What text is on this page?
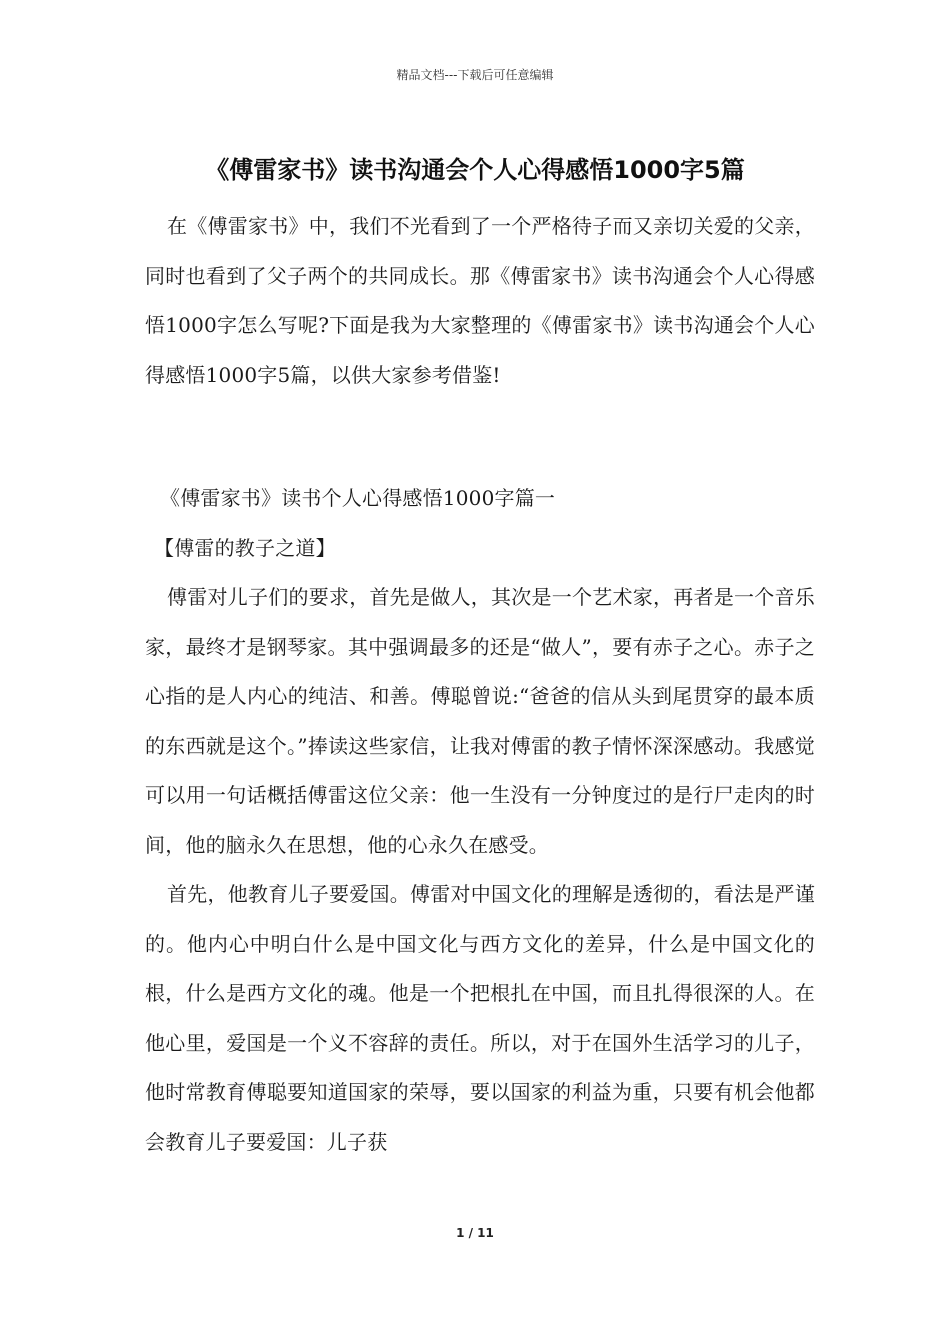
精品文档---下载后可任意编辑
《傅雷家书》读书沟通会个人心得感悟1000字5篇

在《傅雷家书》中，我们不光看到了一个严格待子而又亲切关爱的父亲，同时也看到了父子两个的共同成长。那《傅雷家书》读书沟通会个人心得感悟1000字怎么写呢?下面是我为大家整理的《傅雷家书》读书沟通会个人心得感悟1000字5篇，以供大家参考借鉴!

《傅雷家书》读书个人心得感悟1000字篇一

【傅雷的教子之道】

傅雷对儿子们的要求，首先是做人，其次是一个艺术家，再者是一个音乐家，最终才是钢琴家。其中强调最多的还是“做人”，要有赤子之心。赤子之心指的是人内心的纯洁、和善。傅聪曾说:“爸爸的信从头到尾贯穿的最本质的东西就是这个。”捧读这些家信，让我对傅雷的教子情怀深深感动。我感觉可以用一句话概括傅雷这位父亲：他一生没有一分钟度过的是行尸走肉的时间，他的脑永久在思想，他的心永久在感受。

首先，他教育儿子要爱国。傅雷对中国文化的理解是透彻的，看法是严谨的。他内心中明白什么是中国文化与西方文化的差异，什么是中国文化的根，什么是西方文化的魂。他是一个把根扎在中国，而且扎得很深的人。在他心里，爱国是一个义不容辞的责任。所以，对于在国外生活学习的儿子，他时常教育傅聪要知道国家的荣辱，要以国家的利益为重，只要有机会他都会教育儿子要爱国：儿子获

1 / 11
